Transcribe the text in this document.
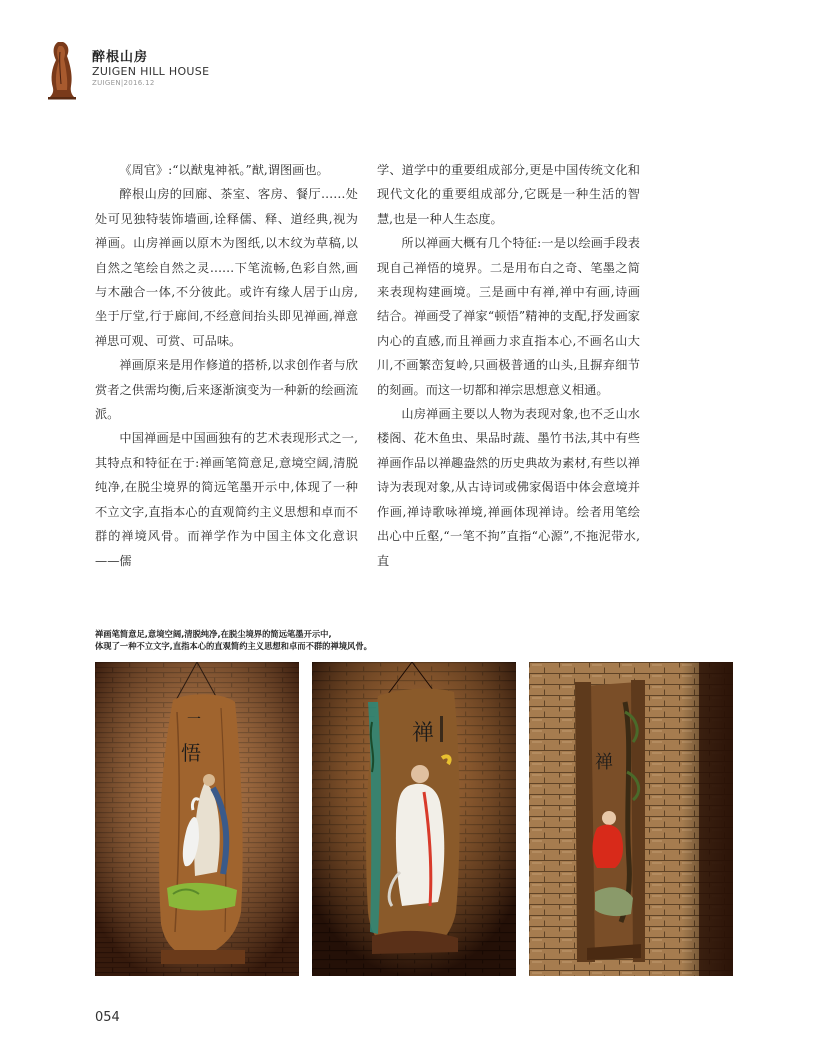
醉根山房
ZUIGEN HILL HOUSE
ZUIGEN|2016.12

《周官》:“以猷鬼神祇。”猷,谓图画也。

醉根山房的回廊、茶室、客房、餐厅……处处可见独特装饰墙画,诠释儒、释、道经典,视为禅画。山房禅画以原木为图纸,以木纹为草稿,以自然之笔绘自然之灵……下笔流畅,色彩自然,画与木融合一体,不分彼此。或许有缘人居于山房,坐于厅堂,行于廊间,不经意间抬头即见禅画,禅意禅思可观、可赏、可品味。

禅画原来是用作修道的搭桥,以求创作者与欣赏者之供需均衡,后来逐渐演变为一种新的绘画流派。

中国禅画是中国画独有的艺术表现形式之一,其特点和特征在于:禅画笔简意足,意境空阔,清脱纯净,在脱尘境界的简远笔墨开示中,体现了一种不立文字,直指本心的直观简约主义思想和卓而不群的禅境风骨。而禅学作为中国主体文化意识——儒

学、道学中的重要组成部分,更是中国传统文化和现代文化的重要组成部分,它既是一种生活的智慧,也是一种人生态度。

所以禅画大概有几个特征:一是以绘画手段表现自己禅悟的境界。二是用布白之奇、笔墨之简来表现构建画境。三是画中有禅,禅中有画,诗画结合。禅画受了禅家“顿悟”精神的支配,抒发画家内心的直感,而且禅画力求直指本心,不画名山大川,不画繁峦复岭,只画极普通的山头,且摒弃细节的刻画。而这一切都和禅宗思想意义相通。

山房禅画主要以人物为表现对象,也不乏山水楼阁、花木鱼虫、果品时蔬、墨竹书法,其中有些禅画作品以禅趣盎然的历史典故为素材,有些以禅诗为表现对象,从古诗词或佛家偈语中体会意境并作画,禅诗歌咏禅境,禅画体现禅诗。绘者用笔绘出心中丘壑,“一笔不拘”直指“心源”,不拖泥带水,直

禅画笔简意足,意境空阔,清脱纯净,在脱尘境界的简远笔墨开示中,
体现了一种不立文字,直指本心的直观简约主义思想和卓而不群的禅境风骨。
一
悟
禅
禅
054
